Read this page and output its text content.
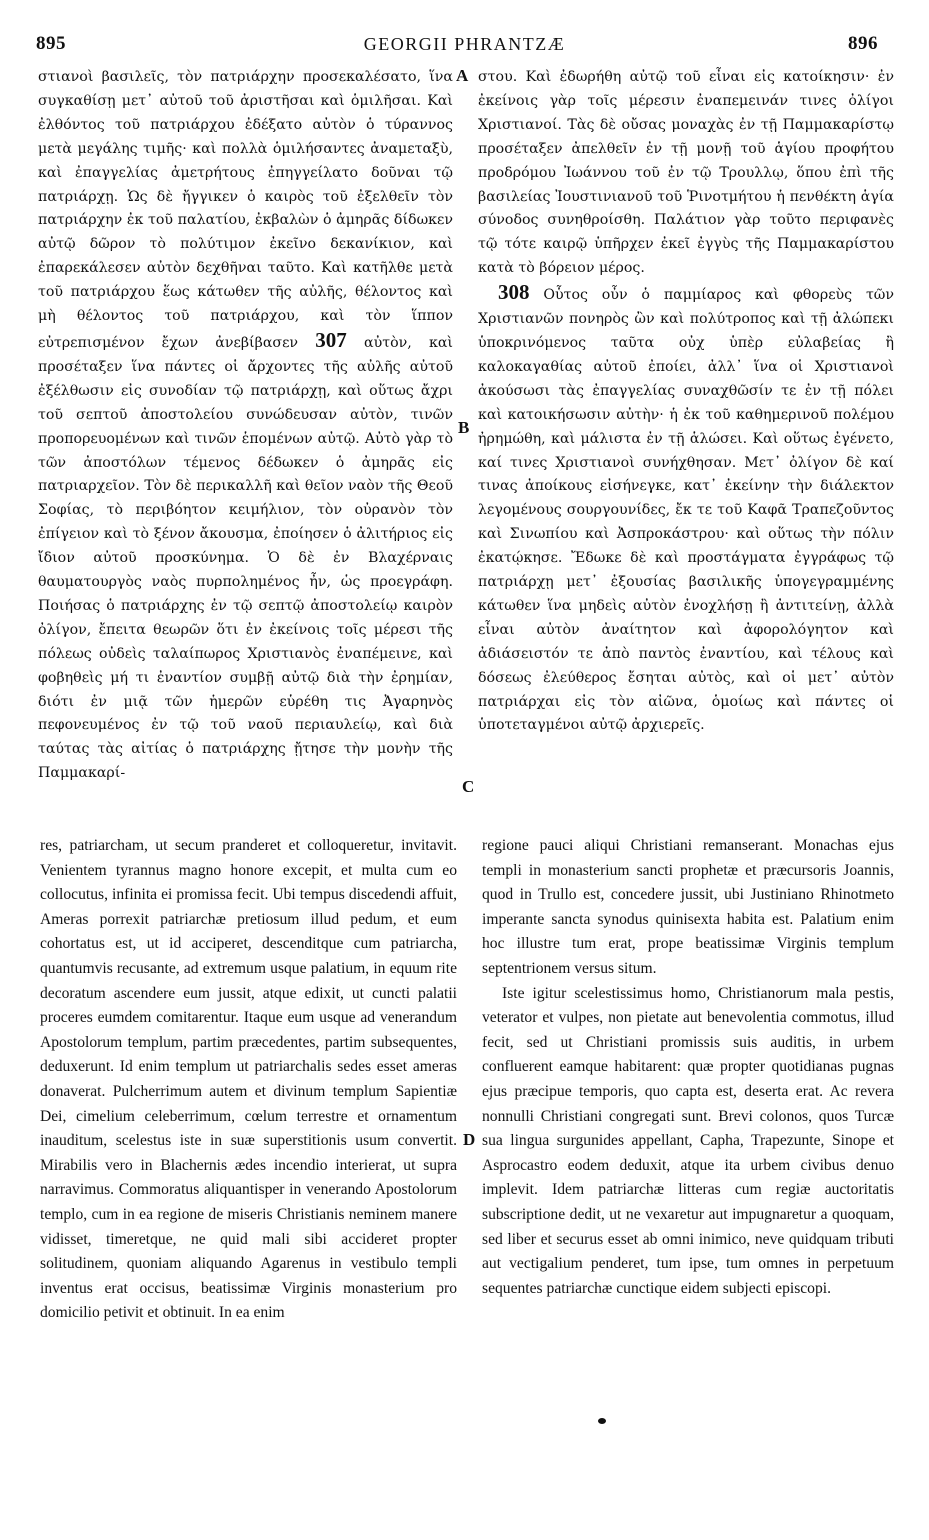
895	GEORGII PHRANTZÆ	896
A
B
C
D

στιανοὶ βασιλεῖς, τὸν πατριάρχην προσεκαλέσατο, ἵνα συγκαθίσῃ μετ᾿ αὐτοῦ τοῦ ἀριστῆσαι καὶ ὁμιλῆσαι. Καὶ ἐλθόντος τοῦ πατριάρχου ἐδέξατο αὐτὸν ὁ τύραννος μετὰ μεγάλης τιμῆς· καὶ πολλὰ ὁμιλήσαντες ἀναμεταξὺ, καὶ ἐπαγγελίας ἀμετρήτους ἐπηγγείλατο δοῦναι τῷ πατριάρχῃ. Ὡς δὲ ἤγγικεν ὁ καιρὸς τοῦ ἐξελθεῖν τὸν πατριάρχην ἐκ τοῦ παλατίου, ἐκβαλὼν ὁ ἀμηρᾶς δίδωκεν αὐτῷ δῶρον τὸ πολύτιμον ἐκεῖνο δεκανίκιον, καὶ ἐπαρεκάλεσεν αὐτὸν δεχθῆναι ταῦτο. Καὶ κατῆλθε μετὰ τοῦ πατριάρχου ἕως κάτωθεν τῆς αὐλῆς, θέλοντος καὶ μὴ θέλοντος τοῦ πατριάρχου, καὶ τὸν ἵππον εὐτρεπισμένον ἔχων ἀνεβίβασεν 307 αὐτὸν, καὶ προσέταξεν ἵνα πάντες οἱ ἄρχοντες τῆς αὐλῆς αὐτοῦ ἐξέλθωσιν εἰς συνοδίαν τῷ πατριάρχῃ, καὶ οὕτως ἄχρι τοῦ σεπτοῦ ἀποστολείου συνώδευσαν αὐτὸν, τινῶν προπορευομένων καὶ τινῶν ἑπομένων αὐτῷ. Αὐτὸ γὰρ τὸ τῶν ἀποστόλων τέμενος δέδωκεν ὁ ἀμηρᾶς εἰς πατριαρχεῖον. Τὸν δὲ περικαλλῆ καὶ θεῖον ναὸν τῆς Θεοῦ Σοφίας, τὸ περιβόητον κειμήλιον, τὸν οὐρανὸν τὸν ἐπίγειον καὶ τὸ ξένον ἄκουσμα, ἐποίησεν ὁ ἀλιτήριος εἰς ἴδιον αὐτοῦ προσκύνημα. Ὁ δὲ ἐν Βλαχέρναις θαυματουργὸς ναὸς πυρπολημένος ἦν, ὡς προεγράφη. Ποιήσας ὁ πατριάρχης ἐν τῷ σεπτῷ ἀποστολείῳ καιρὸν ὀλίγον, ἔπειτα θεωρῶν ὅτι ἐν ἐκείνοις τοῖς μέρεσι τῆς πόλεως οὐδεὶς ταλαίπωρος Χριστιανὸς ἐναπέμεινε, καὶ φοβηθεὶς μή τι ἐναντίον συμβῇ αὐτῷ διὰ τὴν ἐρημίαν, διότι ἐν μιᾷ τῶν ἡμερῶν εὑρέθη τις Ἀγαρηνὸς πεφονευμένος ἐν τῷ τοῦ ναοῦ περιαυλείῳ, καὶ διὰ ταύτας τὰς αἰτίας ὁ πατριάρχης ᾔτησε τὴν μονὴν τῆς Παμμακαρί-

στου. Καὶ ἐδωρήθη αὐτῷ τοῦ εἶναι εἰς κατοίκησιν· ἐν ἐκείνοις γὰρ τοῖς μέρεσιν ἐναπεμεινάν τινες ὀλίγοι Χριστιανοί. Τὰς δὲ οὔσας μοναχὰς ἐν τῇ Παμμακαρίστῳ προσέταξεν ἀπελθεῖν ἐν τῇ μονῇ τοῦ ἁγίου προφήτου προδρόμου Ἰωάννου τοῦ ἐν τῷ Τρουλλῳ, ὅπου ἐπὶ τῆς βασιλείας Ἰουστινιανοῦ τοῦ Ῥινοτμήτου ἡ πενθέκτη ἁγία σύνοδος συνηθροίσθη. Παλάτιον γὰρ τοῦτο περιφανὲς τῷ τότε καιρῷ ὑπῆρχεν ἐκεῖ ἐγγὺς τῆς Παμμακαρίστου κατὰ τὸ βόρειον μέρος.

308 Οὗτος οὖν ὁ παμμίαρος καὶ φθορεὺς τῶν Χριστιανῶν πονηρὸς ὢν καὶ πολύτροπος καὶ τῇ ἀλώπεκι ὑποκρινόμενος ταῦτα οὐχ ὑπὲρ εὐλαβείας ἢ καλοκαγαθίας αὐτοῦ ἐποίει, ἀλλ᾿ ἵνα οἱ Χριστιανοὶ ἀκούσωσι τὰς ἐπαγγελίας συναχθῶσίν τε ἐν τῇ πόλει καὶ κατοικήσωσιν αὐτὴν· ἡ ἐκ τοῦ καθημερινοῦ πολέμου ἠρημώθη, καὶ μάλιστα ἐν τῇ ἁλώσει. Καὶ οὕτως ἐγένετο, καί τινες Χριστιανοὶ συνήχθησαν. Μετ᾿ ὀλίγον δὲ καί τινας ἀποίκους εἰσήνεγκε, κατ᾿ ἐκείνην τὴν διάλεκτον λεγομένους σουργουνίδες, ἔκ τε τοῦ Καφᾶ Τραπεζοῦντος καὶ Σινωπίου καὶ Ἀσπροκάστρου· καὶ οὕτως τὴν πόλιν ἐκατῴκησε. Ἔδωκε δὲ καὶ προστάγματα ἐγγράφως τῷ πατριάρχῃ μετ᾿ ἐξουσίας βασιλικῆς ὑπογεγραμμένης κάτωθεν ἵνα μηδεὶς αὐτὸν ἐνοχλήσῃ ἢ ἀντιτείνῃ, ἀλλὰ εἶναι αὐτὸν ἀναίτητον καὶ ἀφορολόγητον καὶ ἀδιάσειστόν τε ἀπὸ παντὸς ἐναντίου, καὶ τέλους καὶ δόσεως ἐλεύθερος ἔσηται αὐτὸς, καὶ οἱ μετ᾿ αὐτὸν πατριάρχαι εἰς τὸν αἰῶνα, ὁμοίως καὶ πάντες οἱ ὑποτεταγμένοι αὐτῷ ἀρχιερεῖς.

res, patriarcham, ut secum pranderet et colloqueretur, invitavit. Venientem tyrannus magno honore excepit, et multa cum eo collocutus, infinita ei promissa fecit. Ubi tempus discedendi affuit, Ameras porrexit patriarchæ pretiosum illud pedum, et eum cohortatus est, ut id acciperet, descenditque cum patriarcha, quantumvis recusante, ad extremum usque palatium, in equum rite decoratum ascendere eum jussit, atque edixit, ut cuncti palatii proceres eumdem comitarentur. Itaque eum usque ad venerandum Apostolorum templum, partim præcedentes, partim subsequentes, deduxerunt. Id enim templum ut patriarchalis sedes esset ameras donaverat. Pulcherrimum autem et divinum templum Sapientiæ Dei, cimelium celeberrimum, cœlum terrestre et ornamentum inauditum, scelestus iste in suæ superstitionis usum convertit. Mirabilis vero in Blachernis ædes incendio interierat, ut supra narravimus. Commoratus aliquantisper in venerando Apostolorum templo, cum in ea regione de miseris Christianis neminem manere vidisset, timeretque, ne quid mali sibi accideret propter solitudinem, quoniam aliquando Agarenus in vestibulo templi inventus erat occisus, beatissimæ Virginis monasterium pro domicilio petivit et obtinuit. In ea enim

regione pauci aliqui Christiani remanserant. Monachas ejus templi in monasterium sancti prophetæ et præcursoris Joannis, quod in Trullo est, concedere jussit, ubi Justiniano Rhinotmeto imperante sancta synodus quinisexta habita est. Palatium enim hoc illustre tum erat, prope beatissimæ Virginis templum septentrionem versus situm.

Iste igitur scelestissimus homo, Christianorum mala pestis, veterator et vulpes, non pietate aut benevolentia commotus, illud fecit, sed ut Christiani promissis suis auditis, in urbem confluerent eamque habitarent: quæ propter quotidianas pugnas ejus præcipue temporis, quo capta est, deserta erat. Ac revera nonnulli Christiani congregati sunt. Brevi colonos, quos Turcæ sua lingua surgunides appellant, Capha, Trapezunte, Sinope et Asprocastro eodem deduxit, atque ita urbem civibus denuo implevit. Idem patriarchæ litteras cum regiæ auctoritatis subscriptione dedit, ut ne vexaretur aut impugnaretur a quoquam, sed liber et securus esset ab omni inimico, neve quidquam tributi aut vectigalium penderet, tum ipse, tum omnes in perpetuum sequentes patriarchæ cunctique eidem subjecti episcopi.
